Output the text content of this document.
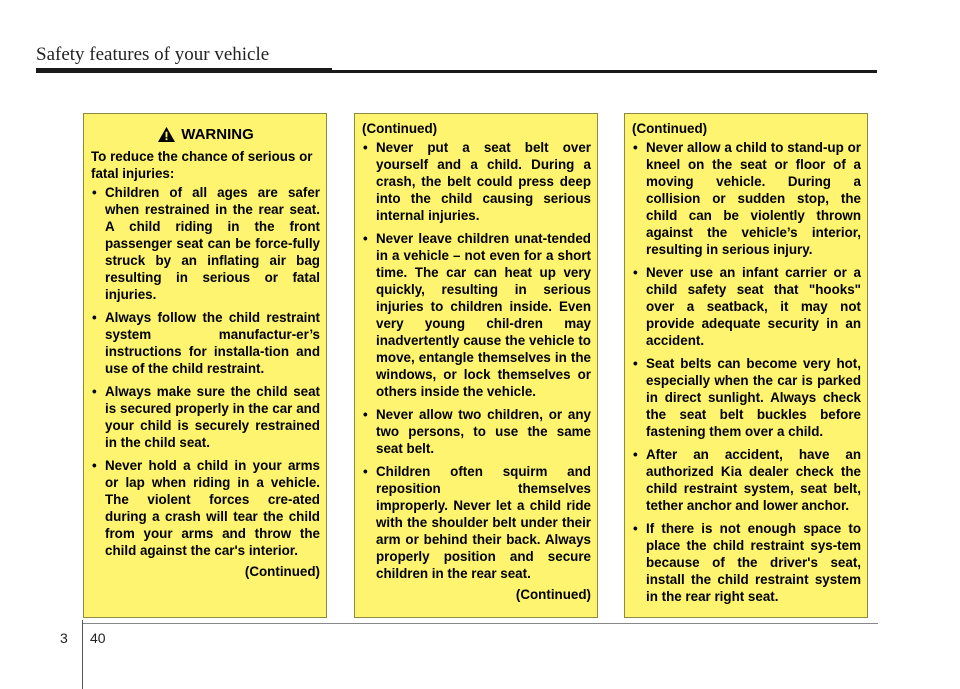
Safety features of your vehicle
WARNING
To reduce the chance of serious or fatal injuries:
• Children of all ages are safer when restrained in the rear seat. A child riding in the front passenger seat can be force-fully struck by an inflating air bag resulting in serious or fatal injuries.
• Always follow the child restraint system manufactur-er’s instructions for installa-tion and use of the child restraint.
• Always make sure the child seat is secured properly in the car and your child is securely restrained in the child seat.
• Never hold a child in your arms or lap when riding in a vehicle. The violent forces cre-ated during a crash will tear the child from your arms and throw the child against the car's interior.
(Continued)
(Continued)
• Never put a seat belt over yourself and a child. During a crash, the belt could press deep into the child causing serious internal injuries.
• Never leave children unat-tended in a vehicle – not even for a short time. The car can heat up very quickly, resulting in serious injuries to children inside. Even very young chil-dren may inadvertently cause the vehicle to move, entangle themselves in the windows, or lock themselves or others inside the vehicle.
• Never allow two children, or any two persons, to use the same seat belt.
• Children often squirm and reposition themselves improperly. Never let a child ride with the shoulder belt under their arm or behind their back. Always properly position and secure children in the rear seat.
(Continued)
(Continued)
• Never allow a child to stand-up or kneel on the seat or floor of a moving vehicle. During a collision or sudden stop, the child can be violently thrown against the vehicle’s interior, resulting in serious injury.
• Never use an infant carrier or a child safety seat that "hooks" over a seatback, it may not provide adequate security in an accident.
• Seat belts can become very hot, especially when the car is parked in direct sunlight. Always check the seat belt buckles before fastening them over a child.
• After an accident, have an authorized Kia dealer check the child restraint system, seat belt, tether anchor and lower anchor.
• If there is not enough space to place the child restraint sys-tem because of the driver's seat, install the child restraint system in the rear right seat.
3 40
